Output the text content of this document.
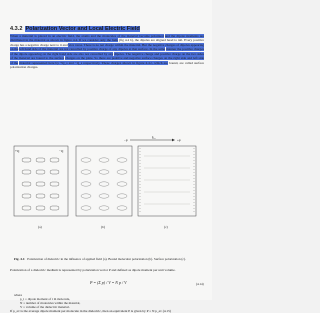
4.3.2 Polarization Vector and Local Electric Field
When a material is placed in an electric field, the atoms and the molecules of the material become polarized and the dipole moments are distributed in the material as shown in figure 4.4. If we consider only the bulk (fig 4.4 b), the dipoles are aligned head to tail. Every positive charge has a negative charge next to it and vice versa. There is no net charge within the material. But the negative charges of dipoles appearing on the left hand side of the material are not cancelled by positive charge of any dipoles at that surface. In the same manner the positive charges of the dipole appearing on the right hand side are also not cancelled by any dipoles. The negative charge and positive charge on the two sides of the material are bound to the surface charges on the plate. So there are positive and negative surface charges on the right side and left side of the material represented here by +Q_s and −Q_s respectively. These charges shown in figure 4.4.c, which are bound, are called surface polarization charges.
E₀
−P	+P
+Q	−Q
(a)	(b)	(c)
Fig. 4.4 Polarization of dielectric in the influence of applied field (a). Bound molecular polarization (b). Surface polarization (c).
Polarization of a dielectric medium is represented by polarization vector P and defined as dipole moment per unit volume.
P = (Σ p) / V = N p / V	(4.14)
where
p_i = dipole moment of i th molecule,
N = number of molecules within the material,
V = volume of the dielectric material.
If p_av is the average dipole moment per molecule in the dielectric, then an equivalent P is given by P = N p_av (4.15)
